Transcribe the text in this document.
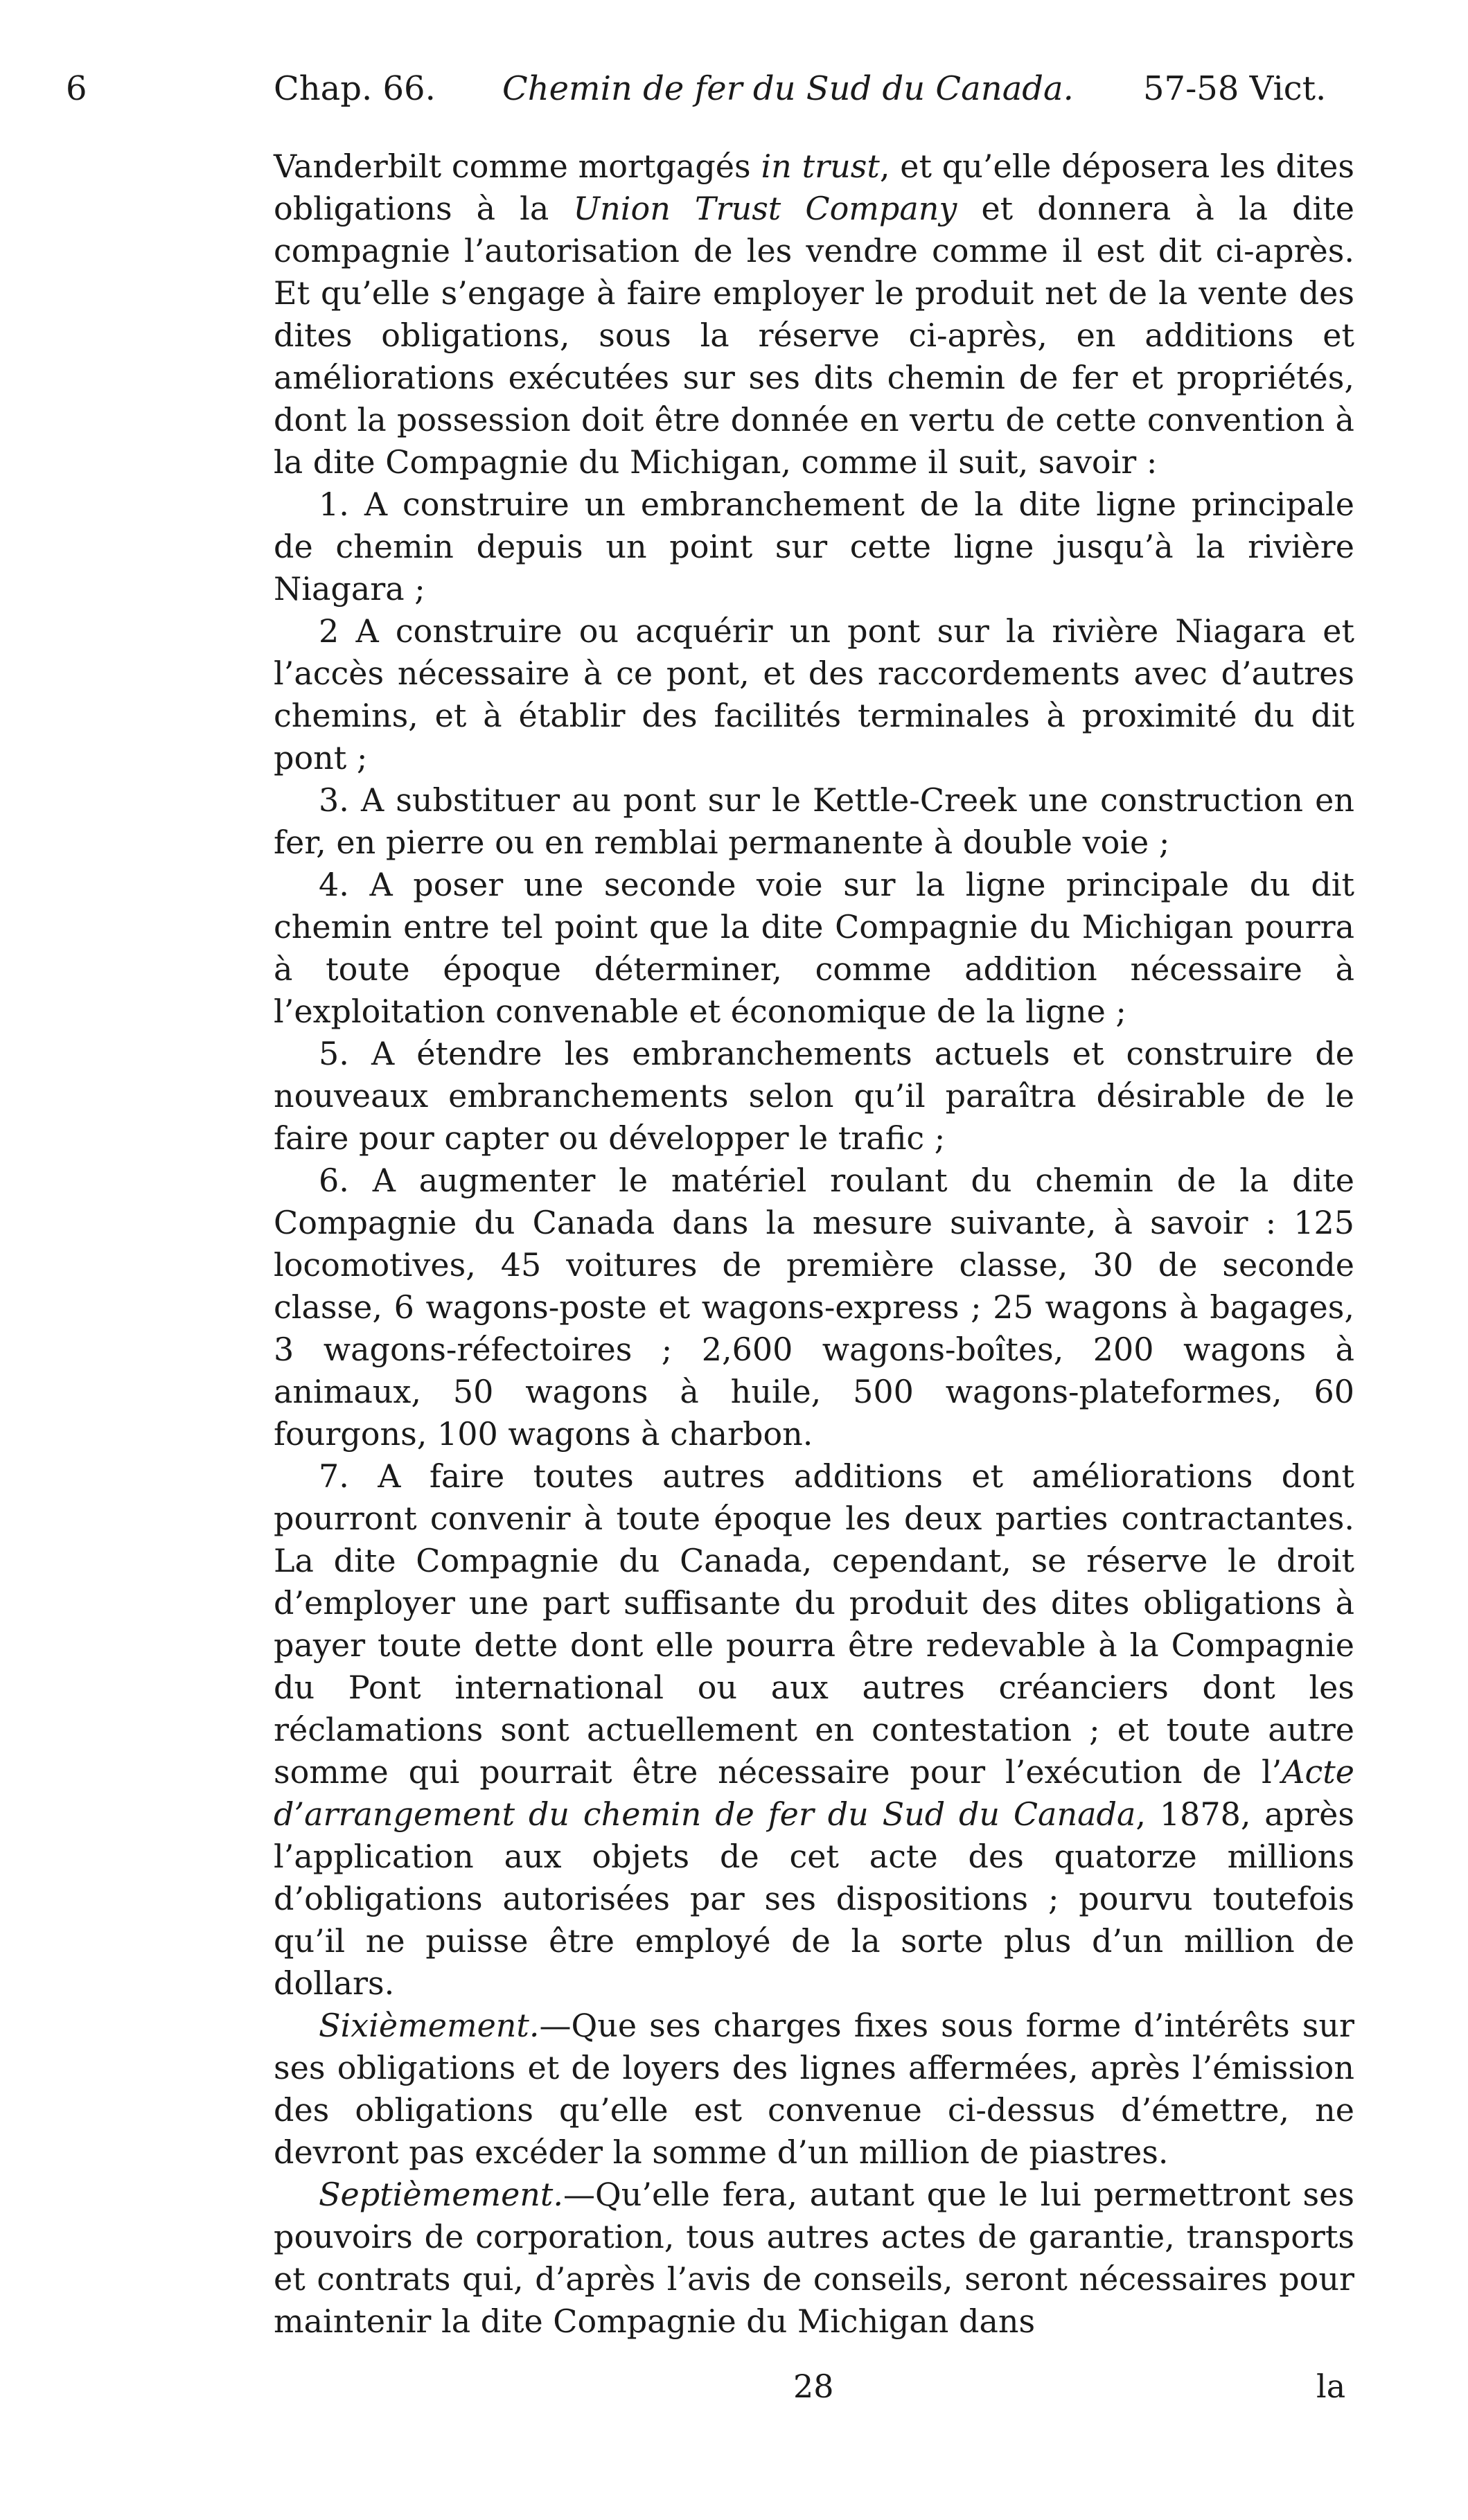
6	Chap. 66. Chemin de fer du Sud du Canada. 57-58 Vict.

Vanderbilt comme mortgagés in trust, et qu’elle déposera les dites obligations à la Union Trust Company et donnera à la dite compagnie l’autorisation de les vendre comme il est dit ci-après. Et qu’elle s’engage à faire employer le produit net de la vente des dites obligations, sous la réserve ci-après, en additions et améliorations exécutées sur ses dits chemin de fer et propriétés, dont la possession doit être donnée en vertu de cette convention à la dite Compagnie du Michigan, comme il suit, savoir :

1. A construire un embranchement de la dite ligne principale de chemin depuis un point sur cette ligne jusqu’à la rivière Niagara ;

2 A construire ou acquérir un pont sur la rivière Niagara et l’accès nécessaire à ce pont, et des raccordements avec d’autres chemins, et à établir des facilités terminales à proximité du dit pont ;

3. A substituer au pont sur le Kettle-Creek une construction en fer, en pierre ou en remblai permanente à double voie ;

4. A poser une seconde voie sur la ligne principale du dit chemin entre tel point que la dite Compagnie du Michigan pourra à toute époque déterminer, comme addition nécessaire à l’exploitation convenable et économique de la ligne ;

5. A étendre les embranchements actuels et construire de nouveaux embranchements selon qu’il paraîtra désirable de le faire pour capter ou développer le trafic ;

6. A augmenter le matériel roulant du chemin de la dite Compagnie du Canada dans la mesure suivante, à savoir : 125 locomotives, 45 voitures de première classe, 30 de seconde classe, 6 wagons-poste et wagons-express ; 25 wagons à bagages, 3 wagons-réfectoires ; 2,600 wagons-boîtes, 200 wagons à animaux, 50 wagons à huile, 500 wagons-plateformes, 60 fourgons, 100 wagons à charbon.

7. A faire toutes autres additions et améliorations dont pourront convenir à toute époque les deux parties contractantes. La dite Compagnie du Canada, cependant, se réserve le droit d’employer une part suffisante du produit des dites obligations à payer toute dette dont elle pourra être redevable à la Compagnie du Pont international ou aux autres créanciers dont les réclamations sont actuellement en contestation ; et toute autre somme qui pourrait être nécessaire pour l’exécution de l’Acte d’arrangement du chemin de fer du Sud du Canada, 1878, après l’application aux objets de cet acte des quatorze millions d’obligations autorisées par ses dispositions ; pourvu toutefois qu’il ne puisse être employé de la sorte plus d’un million de dollars.

Sixièmement.—Que ses charges fixes sous forme d’intérêts sur ses obligations et de loyers des lignes affermées, après l’émission des obligations qu’elle est convenue ci-dessus d’émettre, ne devront pas excéder la somme d’un million de piastres.

Septièmement.—Qu’elle fera, autant que le lui permettront ses pouvoirs de corporation, tous autres actes de garantie, transports et contrats qui, d’après l’avis de conseils, seront nécessaires pour maintenir la dite Compagnie du Michigan dans

28	la
